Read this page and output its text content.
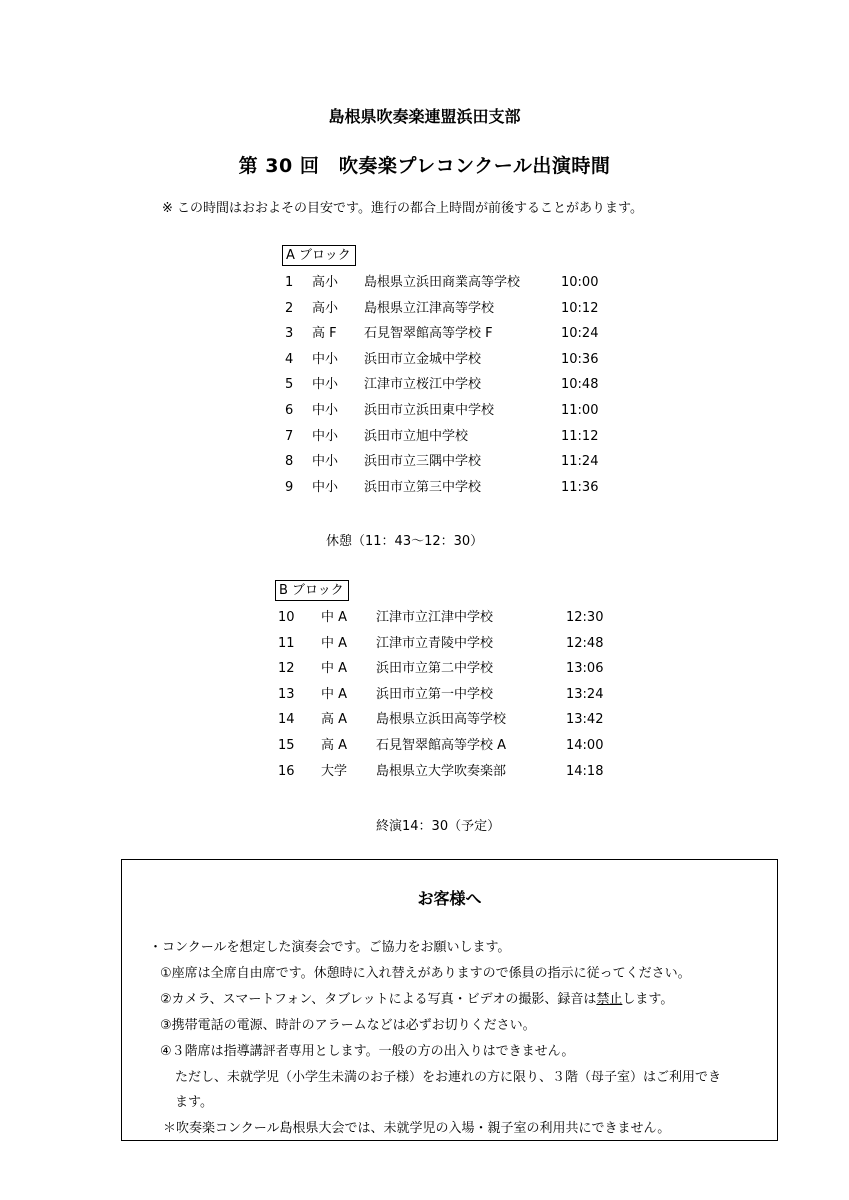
島根県吹奏楽連盟浜田支部
第 30 回　吹奏楽プレコンクール出演時間
※ この時間はおおよその目安です。進行の都合上時間が前後することがあります。
A ブロック
1 高小 島根県立浜田商業高等学校	10:00
2 高小 島根県立江津高等学校	10:12
3 高 F 石見智翠館高等学校 F	10:24
4 中小 浜田市立金城中学校	10:36
5 中小 江津市立桜江中学校	10:48
6 中小 浜田市立浜田東中学校	11:00
7 中小 浜田市立旭中学校	11:12
8 中小 浜田市立三隅中学校	11:24
9 中小 浜田市立第三中学校	11:36
休憩（11：43～12：30）
B ブロック
10 中 A 江津市立江津中学校	12:30
11 中 A 江津市立青陵中学校	12:48
12 中 A 浜田市立第二中学校	13:06
13 中 A 浜田市立第一中学校	13:24
14 高 A 島根県立浜田高等学校	13:42
15 高 A 石見智翠館高等学校 A	14:00
16 大学 島根県立大学吹奏楽部	14:18
終演14：30（予定）
お客様へ
・コンクールを想定した演奏会です。ご協力をお願いします。
①座席は全席自由席です。休憩時に入れ替えがありますので係員の指示に従ってください。
②カメラ、スマートフォン、タブレットによる写真・ビデオの撮影、録音は禁止します。
③携帯電話の電源、時計のアラームなどは必ずお切りください。
④３階席は指導講評者専用とします。一般の方の出入りはできません。
ただし、未就学児（小学生未満のお子様）をお連れの方に限り、３階（母子室）はご利用でき
ます。
＊吹奏楽コンクール島根県大会では、未就学児の入場・親子室の利用共にできません。
